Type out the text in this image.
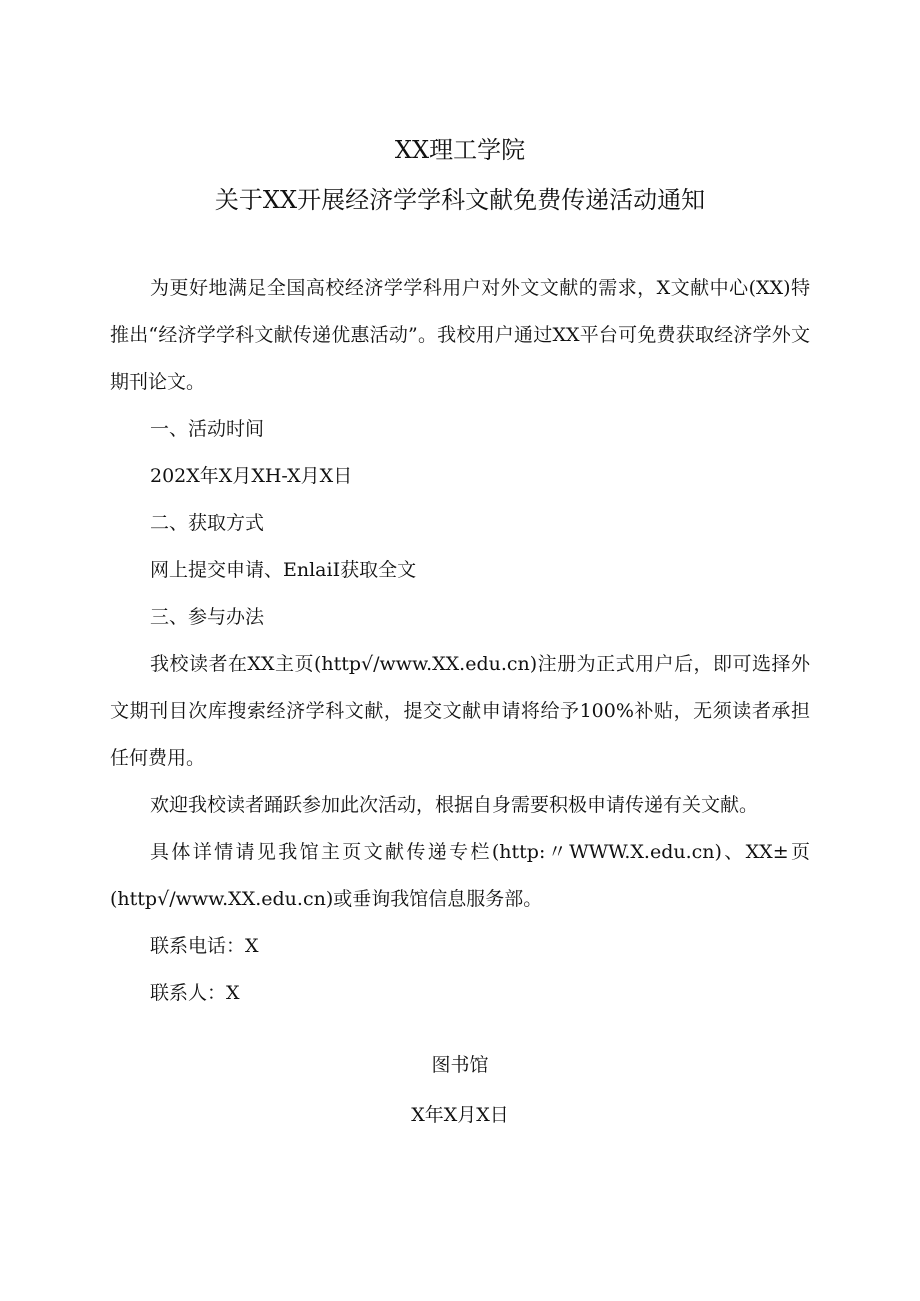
XX理工学院
关于XX开展经济学学科文献免费传递活动通知

为更好地满足全国高校经济学学科用户对外文文献的需求，X文献中心(XX)特推出“经济学学科文献传递优惠活动”。我校用户通过XX平台可免费获取经济学外文期刊论文。

一、活动时间

202X年X月XH-X月X日

二、获取方式

网上提交申请、EnlaiI获取全文

三、参与办法

我校读者在XX主页(http√/www.XX.edu.cn)注册为正式用户后，即可选择外文期刊目次库搜索经济学科文献，提交文献申请将给予100%补贴，无须读者承担任何费用。

欢迎我校读者踊跃参加此次活动，根据自身需要积极申请传递有关文献。

具体详情请见我馆主页文献传递专栏(http:〃WWW.X.edu.cn)、XX±页(http√/www.XX.edu.cn)或垂询我馆信息服务部。

联系电话：X

联系人：X

图书馆
X年X月X日
